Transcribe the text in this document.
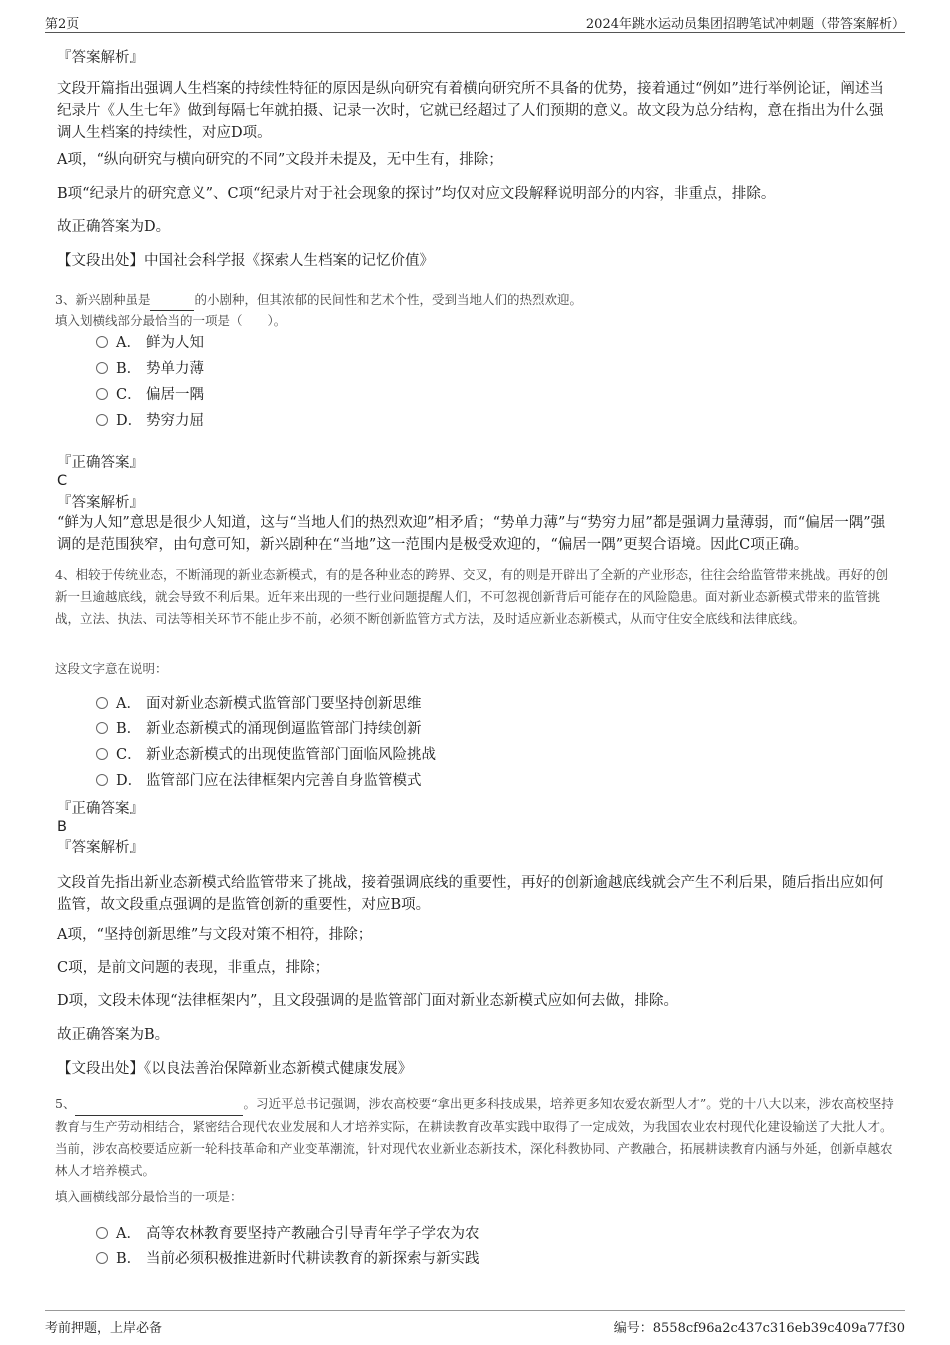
第2页	2024年跳水运动员集团招聘笔试冲刺题（带答案解析）
『答案解析』
文段开篇指出强调人生档案的持续性特征的原因是纵向研究有着横向研究所不具备的优势，接着通过“例如”进行举例论证，阐述当纪录片《人生七年》做到每隔七年就拍摄、记录一次时，它就已经超过了人们预期的意义。故文段为总分结构，意在指出为什么强调人生档案的持续性，对应D项。
A项，“纵向研究与横向研究的不同”文段并未提及，无中生有，排除；
B项“纪录片的研究意义”、C项“纪录片对于社会现象的探讨”均仅对应文段解释说明部分的内容，非重点，排除。
故正确答案为D。
【文段出处】中国社会科学报《探索人生档案的记忆价值》
3、新兴剧种虽是	的小剧种，但其浓郁的民间性和艺术个性，受到当地人们的热烈欢迎。
填入划横线部分最恰当的一项是（　　）。
A． 鲜为人知
B． 势单力薄
C． 偏居一隅
D． 势穷力屈
『正确答案』
C
『答案解析』
“鲜为人知”意思是很少人知道，这与“当地人们的热烈欢迎”相矛盾；“势单力薄”与“势穷力屈”都是强调力量薄弱，而“偏居一隅”强调的是范围狭窄，由句意可知，新兴剧种在“当地”这一范围内是极受欢迎的，“偏居一隅”更契合语境。因此C项正确。
4、相较于传统业态，不断涌现的新业态新模式，有的是各种业态的跨界、交叉，有的则是开辟出了全新的产业形态，往往会给监管带来挑战。再好的创新一旦逾越底线，就会导致不利后果。近年来出现的一些行业问题提醒人们，不可忽视创新背后可能存在的风险隐患。面对新业态新模式带来的监管挑战，立法、执法、司法等相关环节不能止步不前，必须不断创新监管方式方法，及时适应新业态新模式，从而守住安全底线和法律底线。
这段文字意在说明：
A． 面对新业态新模式监管部门要坚持创新思维
B． 新业态新模式的涌现倒逼监管部门持续创新
C． 新业态新模式的出现使监管部门面临风险挑战
D． 监管部门应在法律框架内完善自身监管模式
『正确答案』
B
『答案解析』
文段首先指出新业态新模式给监管带来了挑战，接着强调底线的重要性，再好的创新逾越底线就会产生不利后果，随后指出应如何监管，故文段重点强调的是监管创新的重要性，对应B项。
A项，“坚持创新思维”与文段对策不相符，排除；
C项，是前文问题的表现，非重点，排除；
D项，文段未体现“法律框架内”，且文段强调的是监管部门面对新业态新模式应如何去做，排除。
故正确答案为B。
【文段出处】《以良法善治保障新业态新模式健康发展》
5、	。习近平总书记强调，涉农高校要“拿出更多科技成果，培养更多知农爱农新型人才”。党的十八大以来，涉农高校坚持教育与生产劳动相结合，紧密结合现代农业发展和人才培养实际，在耕读教育改革实践中取得了一定成效，为我国农业农村现代化建设输送了大批人才。当前，涉农高校要适应新一轮科技革命和产业变革潮流，针对现代农业新业态新技术，深化科教协同、产教融合，拓展耕读教育内涵与外延，创新卓越农林人才培养模式。
填入画横线部分最恰当的一项是：
A． 高等农林教育要坚持产教融合引导青年学子学农为农
B． 当前必须积极推进新时代耕读教育的新探索与新实践
考前押题，上岸必备	编号：8558cf96a2c437c316eb39c409a77f30
